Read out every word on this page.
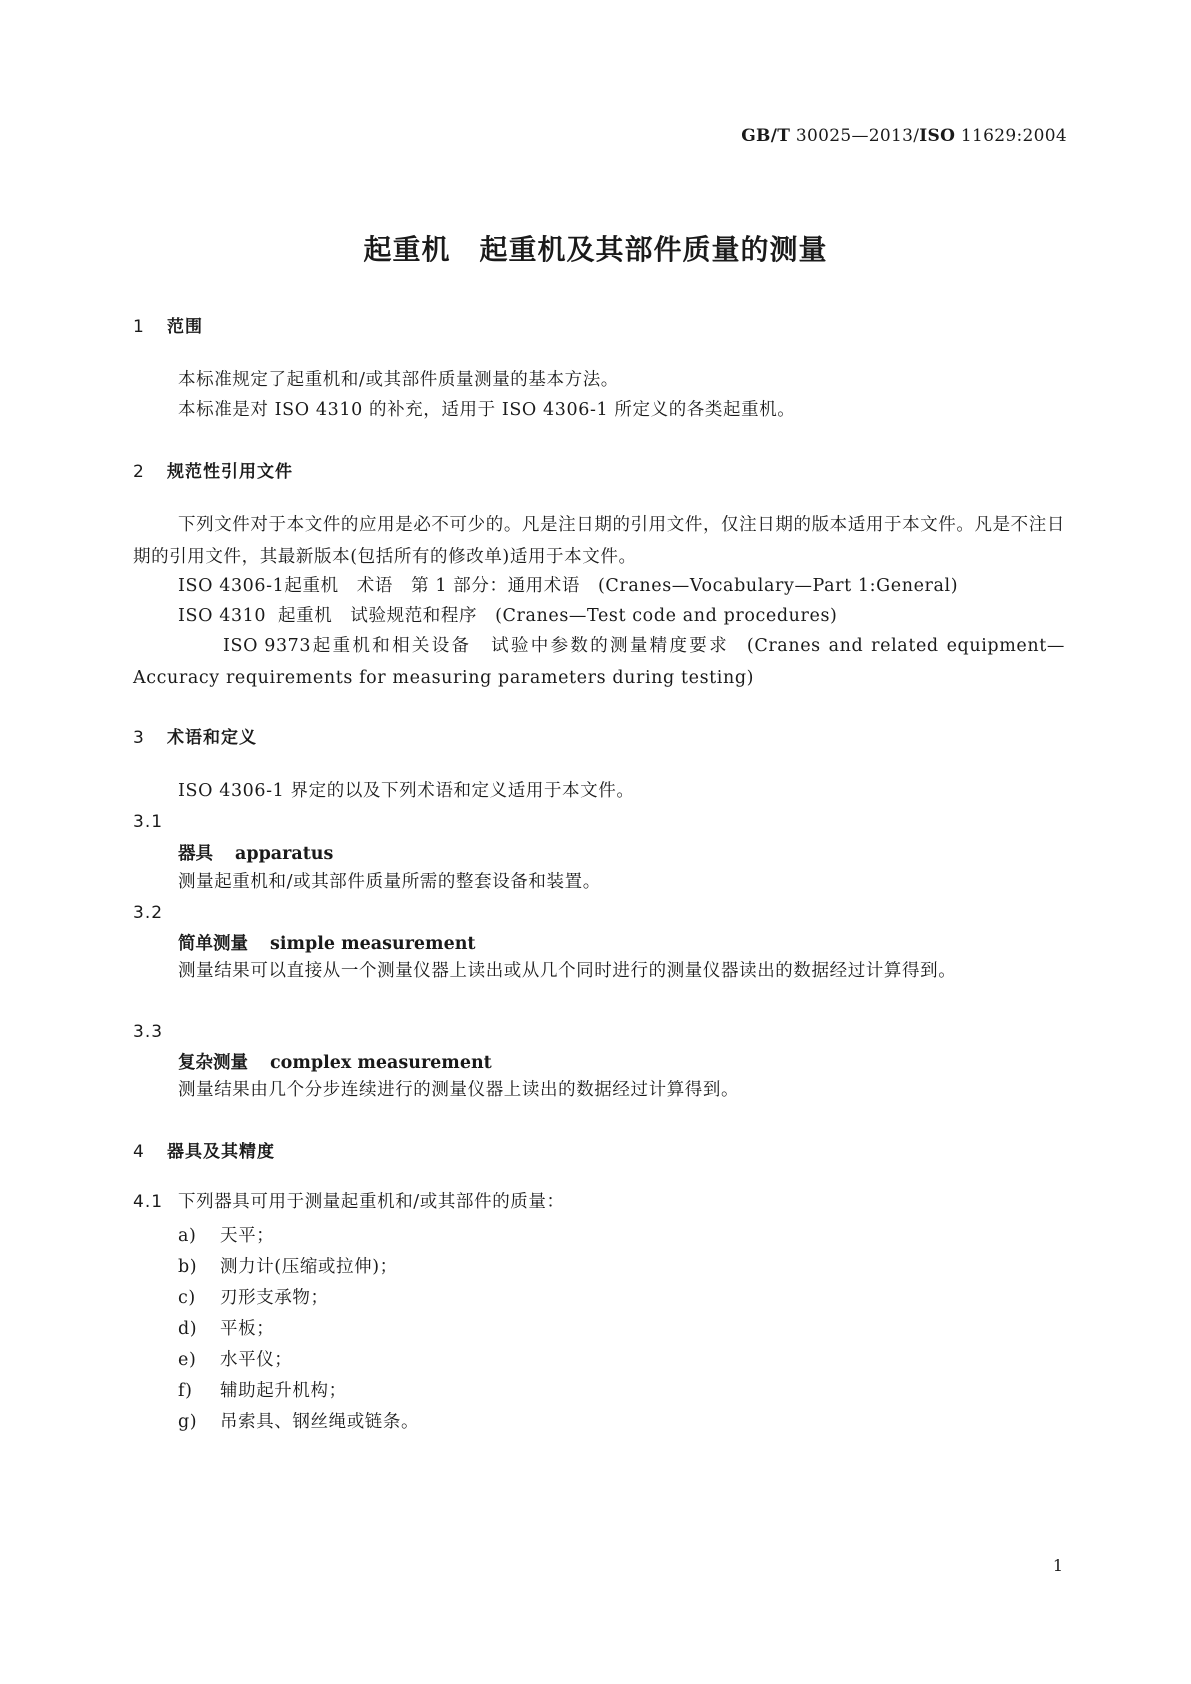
GB/T 30025—2013/ISO 11629:2004
起重机　起重机及其部件质量的测量
1 范围
本标准规定了起重机和/或其部件质量测量的基本方法。
本标准是对 ISO 4310 的补充，适用于 ISO 4306-1 所定义的各类起重机。
2 规范性引用文件
下列文件对于本文件的应用是必不可少的。凡是注日期的引用文件，仅注日期的版本适用于本文件。凡是不注日期的引用文件，其最新版本(包括所有的修改单)适用于本文件。
ISO 4306-1起重机　术语　第 1 部分：通用术语 (Cranes—Vocabulary—Part 1:General)
ISO 4310 起重机　试验规范和程序 (Cranes—Test code and procedures)
ISO 9373起重机和相关设备　试验中参数的测量精度要求 (Cranes and related equipment—Accuracy requirements for measuring parameters during testing)
3 术语和定义
ISO 4306-1 界定的以及下列术语和定义适用于本文件。
3.1
器具 apparatus
测量起重机和/或其部件质量所需的整套设备和装置。
3.2
简单测量 simple measurement
测量结果可以直接从一个测量仪器上读出或从几个同时进行的测量仪器读出的数据经过计算得到。
3.3
复杂测量 complex measurement
测量结果由几个分步连续进行的测量仪器上读出的数据经过计算得到。
4 器具及其精度
4.1 下列器具可用于测量起重机和/或其部件的质量：
a) 天平；
b) 测力计(压缩或拉伸)；
c) 刃形支承物；
d) 平板；
e) 水平仪；
f) 辅助起升机构；
g) 吊索具、钢丝绳或链条。
1
